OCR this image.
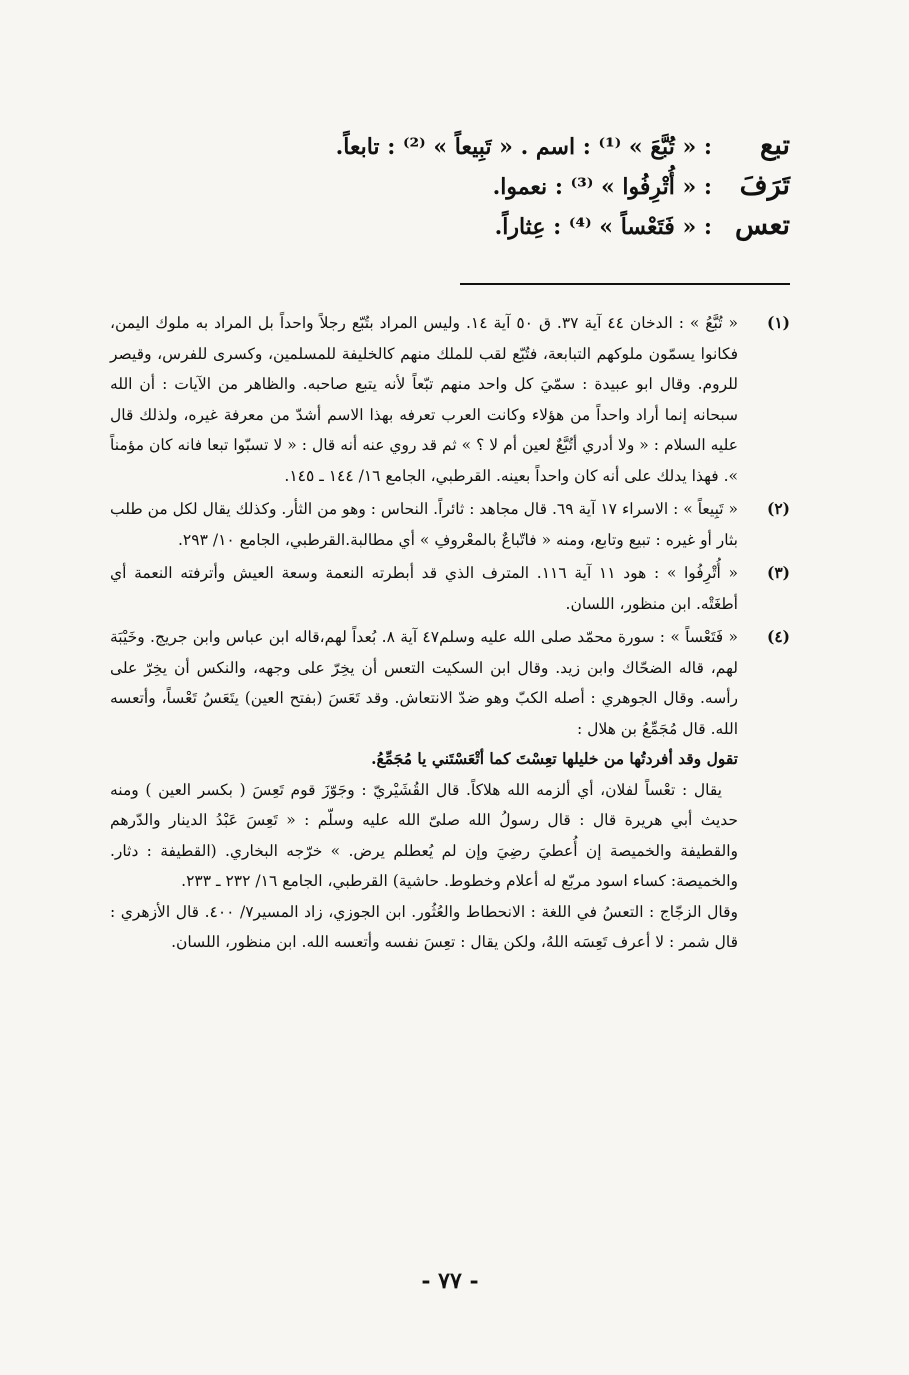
تبع
: « تُبَّعَ » ⁽¹⁾ : اسم . « تَبِيعاً » ⁽²⁾ : تابعاً.
تَرَفَ
: « أُتْرِفُوا » ⁽³⁾ : نعموا.
تعس
: « فَتَعْساً » ⁽⁴⁾ : عِثاراً.
(١)

« تُبَّعُ » : الدخان ٤٤ آية ٣٧. ق ٥٠ آية ١٤. وليس المراد بتُبّع رجلاً واحداً بل المراد به ملوك اليمن، فكانوا يسمّون ملوكهم التبابعة، فتُبّع لقب للملك منهم كالخليفة للمسلمين، وكسرى للفرس، وقيصر للروم. وقال ابو عبيدة : سمّيَ كل واحد منهم تبّعاً لأنه يتبع صاحبه. والظاهر من الآيات : أن الله سبحانه إنما أراد واحداً من هؤلاء وكانت العرب تعرفه بهذا الاسم أشدّ من معرفة غيره، ولذلك قال عليه السلام : « ولا أدري أتُبَّعٌ لعين أم لا ؟ » ثم قد روي عنه أنه قال : « لا تسبّوا تبعا فانه كان مؤمناً ». فهذا يدلك على أنه كان واحداً بعينه. القرطبي، الجامع ١٦/ ١٤٤ ـ ١٤٥.

(٢)

« تَبِيعاً » : الاسراء ١٧ آية ٦٩. قال مجاهد : ثائراً. النحاس : وهو من الثأر. وكذلك يقال لكل من طلب بثار أو غيره : تبيع وتابع، ومنه « فاتّباعٌ بالمعْروفِ » أي مطالبة.القرطبي، الجامع ١٠/ ٢٩٣.

(٣)

« أُتْرِفُوا » : هود ١١ آية ١١٦. المترف الذي قد أبطرته النعمة وسعة العيش وأترفته النعمة أي أطغَتْه. ابن منظور، اللسان.

(٤)

« فَتَعْساً » : سورة محمّد صلى الله عليه وسلم٤٧ آية ٨. بُعداً لهم،قاله ابن عباس وابن جريج. وخَيْبَة لهم، قاله الضحّاك وابن زيد. وقال ابن السكيت التعس أن يخِرّ على وجهه، والنكس أن يخِرّ على رأسه. وقال الجوهري : أصله الكبّ وهو ضدّ الانتعاش. وقد تَعَسَ (بفتح العين) يتَعَسُ تَعْساً، وأتعسه الله. قال مُجَمِّعُ بن هلال :

تقول وقد أفردتُها من خليلها تعِسْتَ كما أتْعَسْتَني يا مُجَمِّعُ.

يقال : تعْساً لفلان، أي ألزمه الله هلاكاً. قال القُشَيْريّ : وجَوّزَ قوم تَعِسَ ( بكسر العين ) ومنه حديث أبي هريرة قال : قال رسولُ الله صلىّ الله عليه وسلّم : « تَعِسَ عَبْدُ الدينار والدّرهم والقطيفة والخميصة إن أُعطيَ رضِيَ وإن لم يُعطلم يرض. » خرّجه البخاري. (القطيفة : دثار. والخميصة: كساء اسود مربّع له أعلام وخطوط. حاشية) القرطبي، الجامع ١٦/ ٢٣٢ ـ ٢٣٣.

وقال الزجّاج : التعسُ في اللغة : الانحطاط والعُثُور. ابن الجوزي، زاد المسير٧/ ٤٠٠. قال الأزهري : قال شمر : لا أعرف تَعِسَه اللهُ، ولكن يقال : تعِسَ نفسه وأتعسه الله. ابن منظور، اللسان.

- ٧٧ -
